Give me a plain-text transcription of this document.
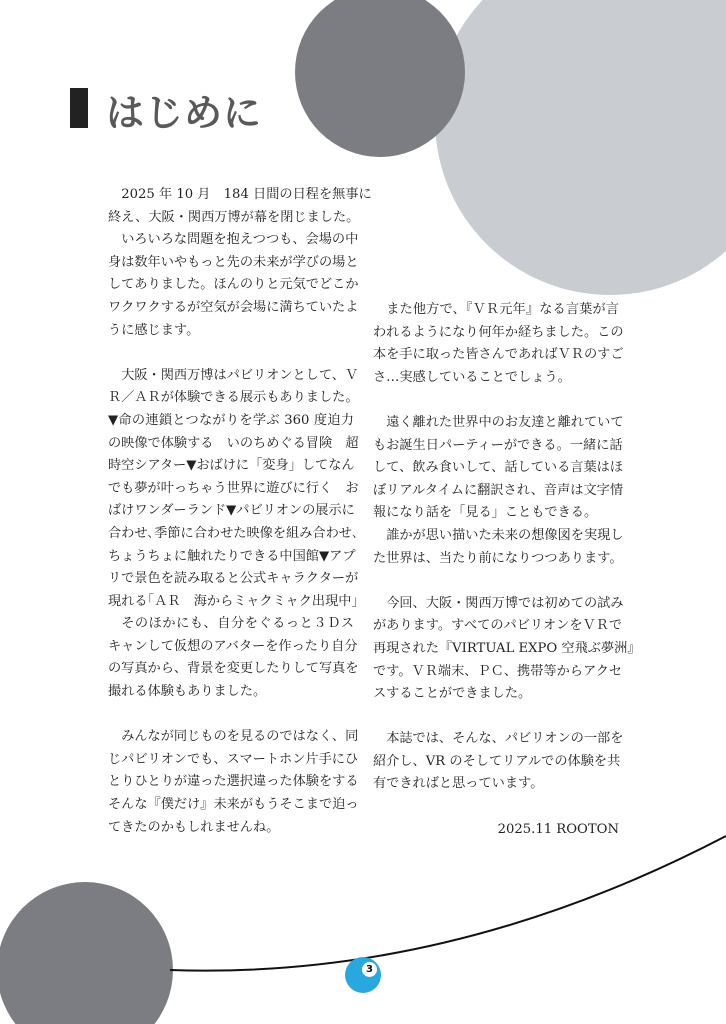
はじめに
2025 年 10 月　184 日間の日程を無事に
終え、大阪・関西万博が幕を閉じました。
いろいろな問題を抱えつつも、会場の中
身は数年いやもっと先の未来が学びの場と
してありました。ほんのりと元気でどこか
ワクワクするが空気が会場に満ちていたよ
うに感じます。
大阪・関西万博はパビリオンとして、Ｖ
Ｒ／ＡＲが体験できる展示もありました。
▼命の連鎖とつながりを学ぶ 360 度迫力
の映像で体験する　いのちめぐる冒険　超
時空シアター▼おばけに「変身」してなん
でも夢が叶っちゃう世界に遊びに行く　お
ばけワンダーランド▼パビリオンの展示に
合わせ､季節に合わせた映像を組み合わせ､
ちょうちょに触れたりできる中国館▼アプ
リで景色を読み取ると公式キャラクターが
現れる｢ＡＲ　海からミャクミャク出現中｣
そのほかにも、自分をぐるっと３Ｄス
キャンして仮想のアバターを作ったり自分
の写真から、背景を変更したりして写真を
撮れる体験もありました。
みんなが同じものを見るのではなく、同
じパビリオンでも、スマートホン片手にひ
とりひとりが違った選択違った体験をする
そんな『僕だけ』未来がもうそこまで迫っ
てきたのかもしれませんね。
また他方で、『ＶＲ元年』なる言葉が言
われるようになり何年か経ちました。この
本を手に取った皆さんであればＶＲのすご
さ…実感していることでしょう。
遠く離れた世界中のお友達と離れていて
もお誕生日パーティーができる。一緒に話
して、飲み食いして、話している言葉はほ
ぼリアルタイムに翻訳され、音声は文字情
報になり話を「見る」こともできる。
誰かが思い描いた未来の想像図を実現し
た世界は、当たり前になりつつあります。
今回、大阪・関西万博では初めての試み
があります。すべてのパビリオンをＶＲで
再現された『VIRTUAL EXPO 空飛ぶ夢洲』
です。ＶＲ端末、ＰＣ、携帯等からアクセ
スすることができました。
本誌では、そんな、パビリオンの一部を
紹介し、VR のそしてリアルでの体験を共
有できればと思っています。
2025.11 ROOTON
3
